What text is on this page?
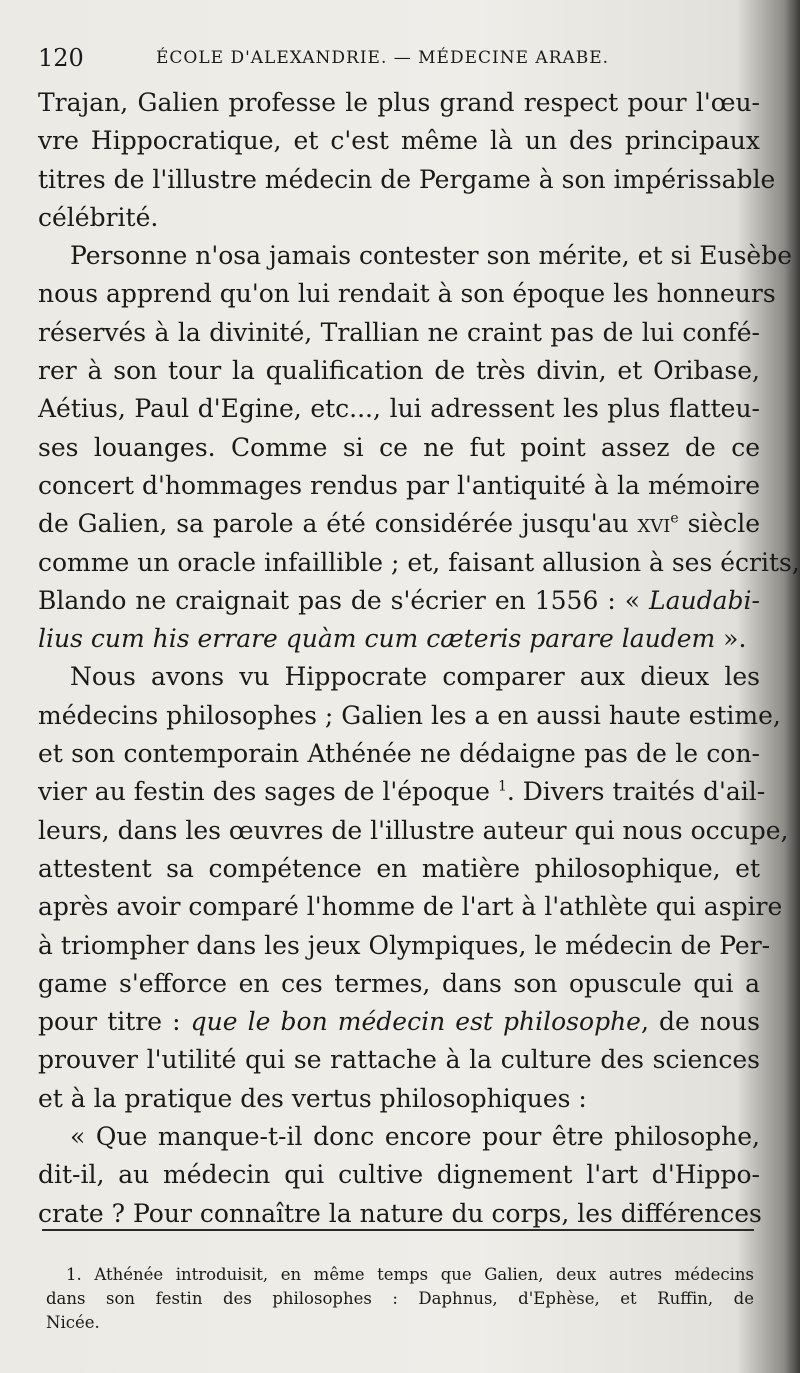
120	ÉCOLE D'ALEXANDRIE. — MÉDECINE ARABE.
Trajan, Galien professe le plus grand respect pour l'œu-
vre Hippocratique, et c'est même là un des principaux
titres de l'illustre médecin de Pergame à son impérissable
célébrité.
Personne n'osa jamais contester son mérite, et si Eusèbe
nous apprend qu'on lui rendait à son époque les honneurs
réservés à la divinité, Trallian ne craint pas de lui confé-
rer à son tour la qualification de très divin, et Oribase,
Aétius, Paul d'Egine, etc..., lui adressent les plus flatteu-
ses louanges. Comme si ce ne fut point assez de ce
concert d'hommages rendus par l'antiquité à la mémoire
de Galien, sa parole a été considérée jusqu'au xvi$^e$ siècle
comme un oracle infaillible ; et, faisant allusion à ses écrits,
Blando ne craignait pas de s'écrier en 1556 : « Laudabi-
lius cum his errare quàm cum cæteris parare laudem ».
Nous avons vu Hippocrate comparer aux dieux les
médecins philosophes ; Galien les a en aussi haute estime,
et son contemporain Athénée ne dédaigne pas de le con-
vier au festin des sages de l'époque $^1$. Divers traités d'ail-
leurs, dans les œuvres de l'illustre auteur qui nous occupe,
attestent sa compétence en matière philosophique, et
après avoir comparé l'homme de l'art à l'athlète qui aspire
à triompher dans les jeux Olympiques, le médecin de Per-
game s'efforce en ces termes, dans son opuscule qui a
pour titre : que le bon médecin est philosophe, de nous
prouver l'utilité qui se rattache à la culture des sciences
et à la pratique des vertus philosophiques :
« Que manque-t-il donc encore pour être philosophe,
dit-il, au médecin qui cultive dignement l'art d'Hippo-
crate ? Pour connaître la nature du corps, les différences
1. Athénée introduisit, en même temps que Galien, deux autres médecins
dans son festin des philosophes : Daphnus, d'Ephèse, et Ruffin, de
Nicée.
